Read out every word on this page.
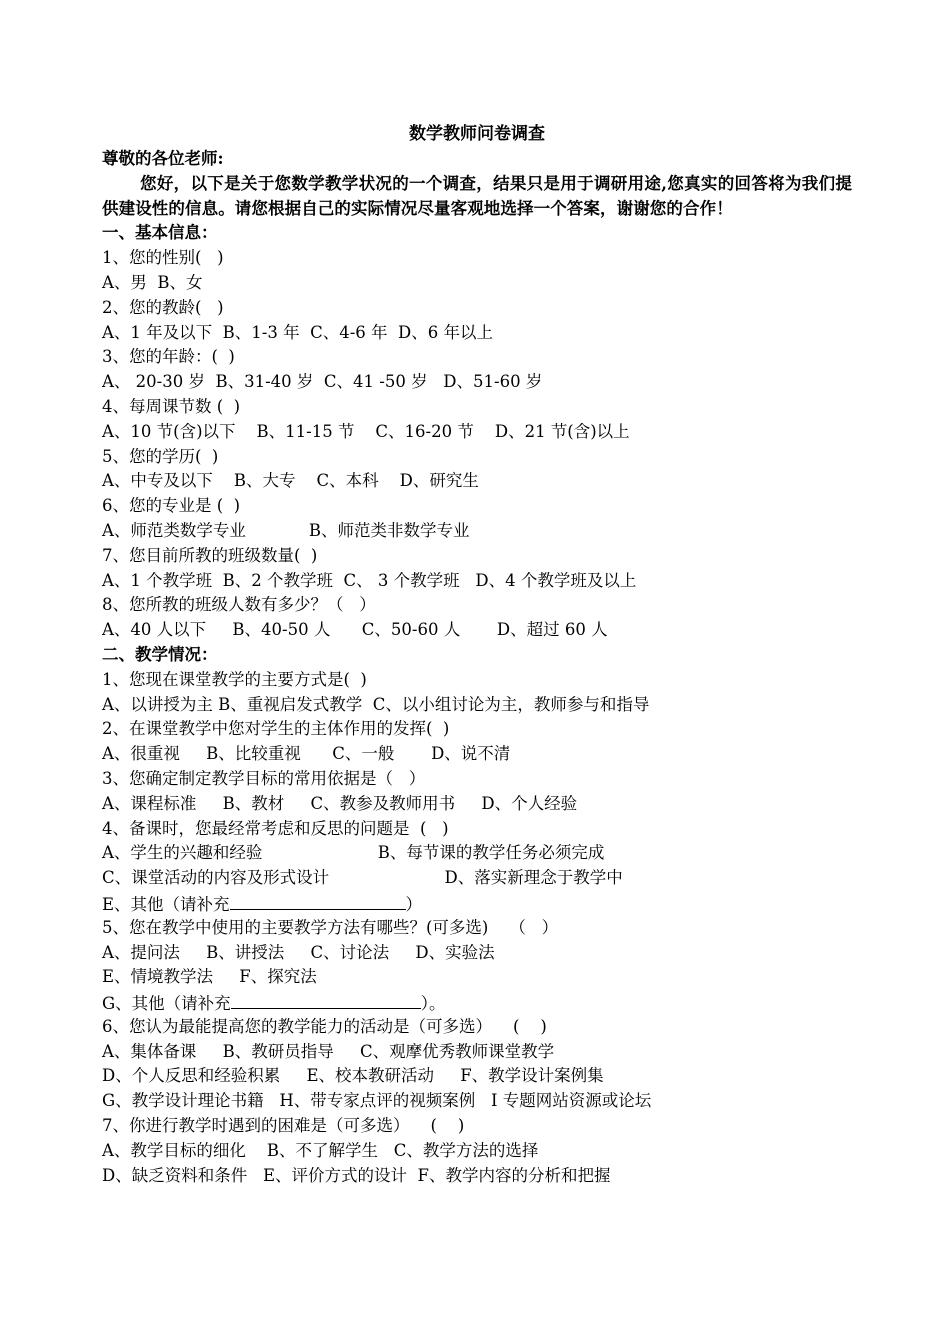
数学教师问卷调查
尊敬的各位老师:
您好，以下是关于您数学教学状况的一个调查，结果只是用于调研用途,您真实的回答将为我们提供建设性的信息。请您根据自己的实际情况尽量客观地选择一个答案，谢谢您的合作！
一、基本信息：
1、您的性别(   )
A、男  B、女
2、您的教龄(   )
A、1 年及以下  B、1-3 年  C、4-6 年  D、6 年以上
3、您的年龄：(  )
A、 20-30 岁  B、31-40 岁  C、41 -50 岁   D、51-60 岁
4、每周课节数 (  )
A、10 节(含)以下    B、11-15 节    C、16-20 节    D、21 节(含)以上
5、您的学历(  )
A、中专及以下    B、大专    C、本科    D、研究生
6、您的专业是 (  )
A、师范类数学专业            B、师范类非数学专业
7、您目前所教的班级数量(  )
A、1 个教学班  B、2 个教学班  C、 3 个教学班   D、4 个教学班及以上
8、您所教的班级人数有多少？（   ）
A、40 人以下     B、40-50 人      C、50-60 人       D、超过 60 人
二、教学情况：
1、您现在课堂教学的主要方式是(  )
A、以讲授为主 B、重视启发式教学  C、以小组讨论为主，教师参与和指导
2、在课堂教学中您对学生的主体作用的发挥(  )
A、很重视     B、比较重视      C、一般       D、说不清
3、您确定制定教学目标的常用依据是（   ）
A、课程标准     B、教材     C、教参及教师用书     D、个人经验
4、备课时，您最经常考虑和反思的问题是  (   )
A、学生的兴趣和经验                      B、每节课的教学任务必须完成
C、课堂活动的内容及形式设计                      D、落实新理念于教学中
E、其他（请补充	）
5、您在教学中使用的主要教学方法有哪些？(可多选)    （   ）
A、提问法     B、讲授法     C、讨论法     D、实验法
E、情境教学法     F、探究法
G、其他（请补充	）。
6、您认为最能提高您的教学能力的活动是（可多选）    (    )
A、集体备课     B、教研员指导     C、观摩优秀教师课堂教学
D、个人反思和经验积累     E、校本教研活动     F、教学设计案例集
G、教学设计理论书籍   H、带专家点评的视频案例   I 专题网站资源或论坛
7、你进行教学时遇到的困难是（可多选）    (    )
A、教学目标的细化    B、不了解学生   C、教学方法的选择
D、缺乏资料和条件   E、评价方式的设计  F、教学内容的分析和把握
